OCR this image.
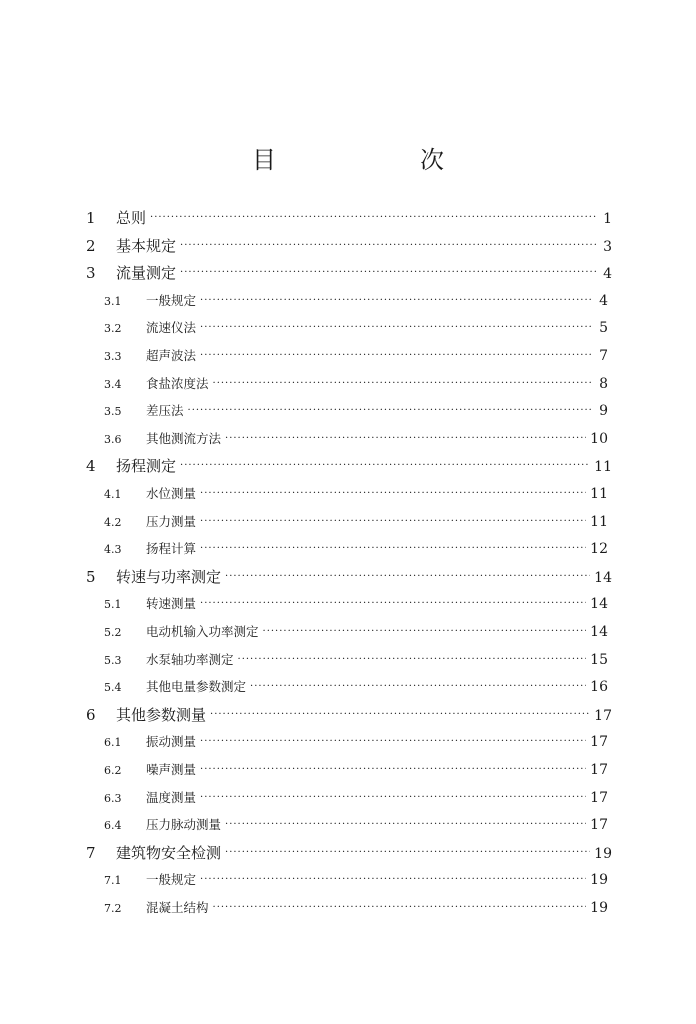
目　次
1	总则 ·····	1
2	基本规定 ·····	3
3	流量测定 ·····	4
3.1	一般规定 ·····	4
3.2	流速仪法 ·····	5
3.3	超声波法 ·····	7
3.4	食盐浓度法 ·····	8
3.5	差压法 ·····	9
3.6	其他测流方法 ·····	10
4	扬程测定 ·····	11
4.1	水位测量 ·····	11
4.2	压力测量 ·····	11
4.3	扬程计算 ·····	12
5	转速与功率测定 ·····	14
5.1	转速测量 ·····	14
5.2	电动机输入功率测定 ·····	14
5.3	水泵轴功率测定 ·····	15
5.4	其他电量参数测定 ·····	16
6	其他参数测量 ·····	17
6.1	振动测量 ·····	17
6.2	噪声测量 ·····	17
6.3	温度测量 ·····	17
6.4	压力脉动测量 ·····	17
7	建筑物安全检测 ·····	19
7.1	一般规定 ·····	19
7.2	混凝土结构 ·····	19
